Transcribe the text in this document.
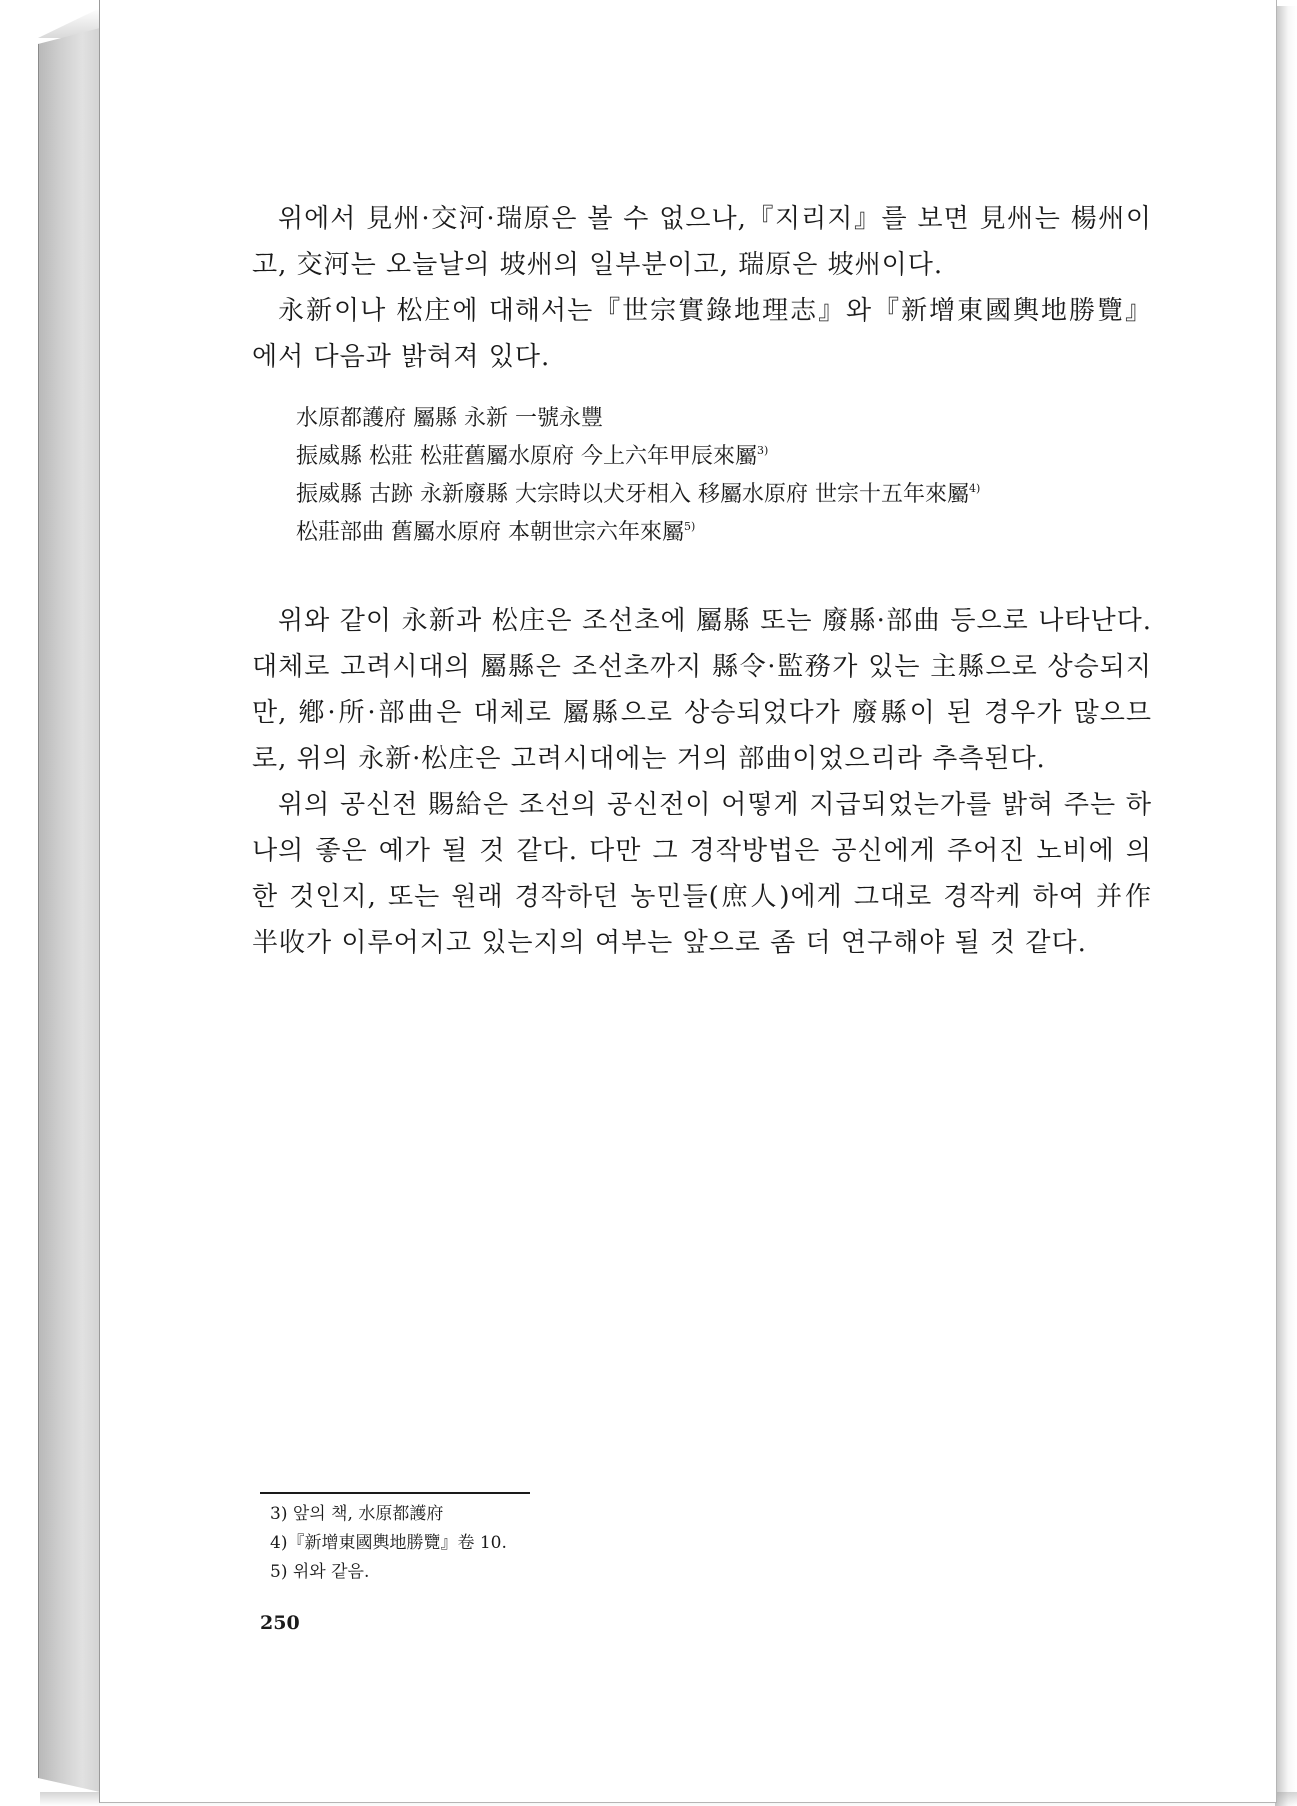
위에서 見州·交河·瑞原은 볼 수 없으나,『지리지』를 보면 見州는 楊州이고, 交河는 오늘날의 坡州의 일부분이고, 瑞原은 坡州이다.

永新이나 松庄에 대해서는『世宗實錄地理志』와『新增東國輿地勝覽』에서 다음과 밝혀져 있다.

水原都護府 屬縣 永新 一號永豐
振威縣 松莊 松莊舊屬水原府 今上六年甲辰來屬$^{3)}$
振威縣 古跡 永新廢縣 大宗時以犬牙相入 移屬水原府 世宗十五年來屬$^{4)}$
松莊部曲 舊屬水原府 本朝世宗六年來屬$^{5)}$

위와 같이 永新과 松庄은 조선초에 屬縣 또는 廢縣·部曲 등으로 나타난다. 대체로 고려시대의 屬縣은 조선초까지 縣令·監務가 있는 主縣으로 상승되지만, 鄕·所·部曲은 대체로 屬縣으로 상승되었다가 廢縣이 된 경우가 많으므로, 위의 永新·松庄은 고려시대에는 거의 部曲이었으리라 추측된다.

위의 공신전 賜給은 조선의 공신전이 어떻게 지급되었는가를 밝혀 주는 하나의 좋은 예가 될 것 같다. 다만 그 경작방법은 공신에게 주어진 노비에 의한 것인지, 또는 원래 경작하던 농민들(庶人)에게 그대로 경작케 하여 并作半收가 이루어지고 있는지의 여부는 앞으로 좀 더 연구해야 될 것 같다.

3) 앞의 책, 水原都護府
4)『新增東國輿地勝覽』卷 10.
5) 위와 같음.
250
